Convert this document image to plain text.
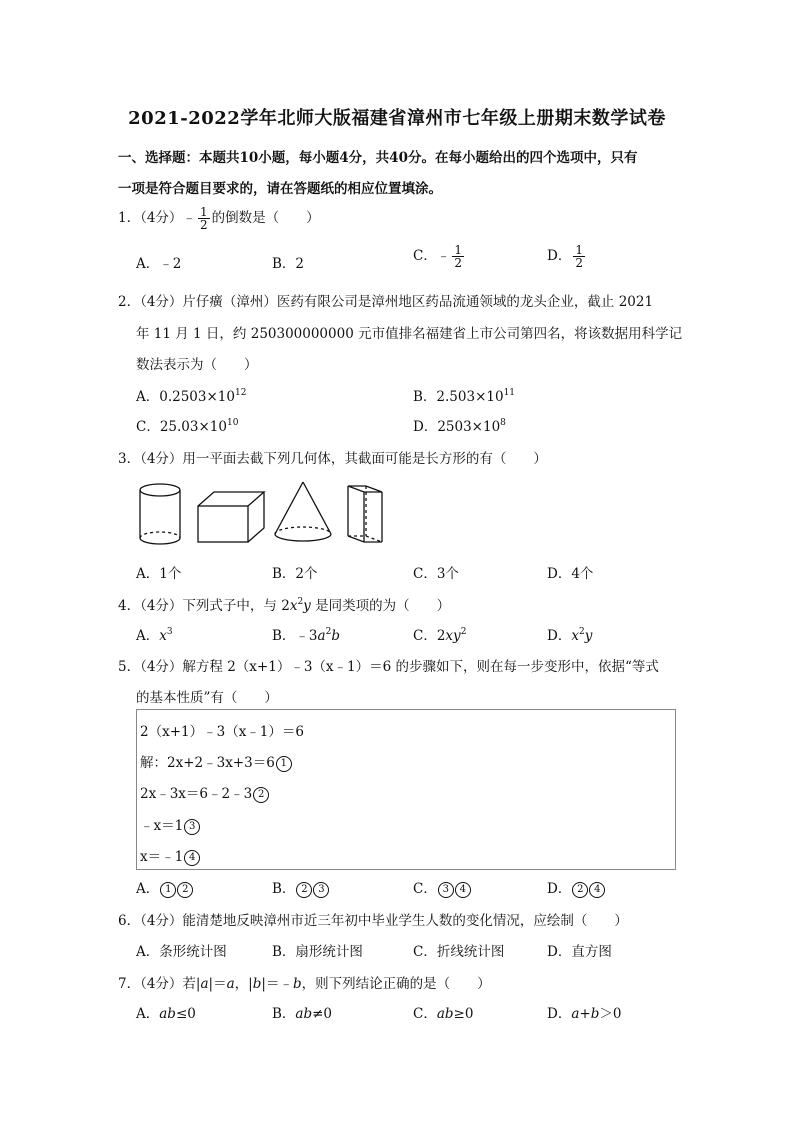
2021-2022学年北师大版福建省漳州市七年级上册期末数学试卷
一、选择题：本题共10小题，每小题4分，共40分。在每小题给出的四个选项中，只有
一项是符合题目要求的，请在答题纸的相应位置填涂。
1．（4分）﹣ $\frac{1}{2}$ 的倒数是（　　）
A．﹣2	B．2	C．﹣ $\frac{1}{2}$	D． $\frac{1}{2}$
2．（4分）片仔癀（漳州）医药有限公司是漳州地区药品流通领域的龙头企业，截止 2021
年 11 月 1 日，约 250300000000 元市值排名福建省上市公司第四名，将该数据用科学记
数法表示为（　　）
A．$0.2503\times 10^{12}$	B．$2.503\times 10^{11}$
C．$25.03\times 10^{10}$	D．$2503\times 10^8$
3．（4分）用一平面去截下列几何体，其截面可能是长方形的有（　　）
A．1个	B．2个	C．3个	D．4个
4．（4分）下列式子中，与 $2x^2y$ 是同类项的为（　　）
A．$x^3$	B．$﹣3a^2b$	C．$2xy^2$	D．$x^2y$
5．（4分）解方程 2（x+1）﹣3（x﹣1）＝6 的步骤如下，则在每一步变形中，依据“等式
的基本性质”有（　　）
2（x+1）﹣3（x﹣1）＝6
解：2x+2﹣3x+3＝6 1
2x﹣3x＝6﹣2﹣3 2
﹣x＝1 3
x＝﹣1 4
A． 1 2	B． 2 3	C． 3 4	D． 2 4
6．（4分）能清楚地反映漳州市近三年初中毕业学生人数的变化情况，应绘制（　　）
A．条形统计图	B．扇形统计图	C．折线统计图	D．直方图
7．（4分）若|a|＝a，|b|＝﹣b，则下列结论正确的是（　　）
A．ab≤0	B．ab≠0	C．ab≥0	D．a+b＞0
